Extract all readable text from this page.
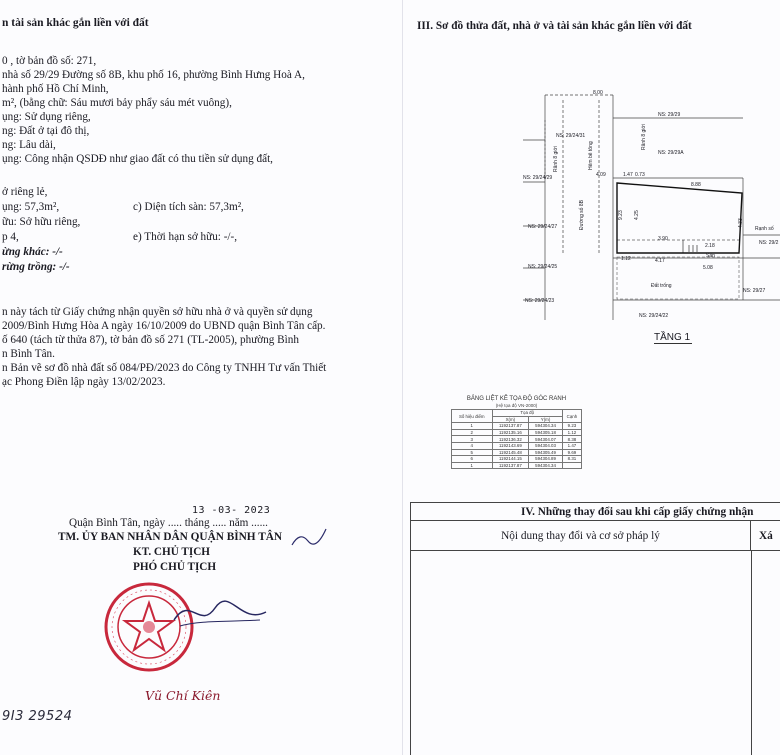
n tài sản khác gắn liền với đất
0 , tờ bản đồ số: 271,
nhà số 29/29 Đường số 8B, khu phố 16, phường Bình Hưng Hoà A,
hành phố Hồ Chí Minh,
m², (bằng chữ: Sáu mươi bảy phẩy sáu mét vuông),
ụng: Sử dụng riêng,
ng: Đất ở tại đô thị,
ng: Lâu dài,
ụng: Công nhận QSDĐ như giao đất có thu tiền sử dụng đất,
ở riêng lẻ,
ụng: 57,3m²,	c) Diện tích sàn: 57,3m²,
ữu: Sở hữu riêng,
p 4,	e) Thời hạn sở hữu: -/-,
ừng khác: -/-
rừng trồng: -/-
n này tách từ Giấy chứng nhận quyền sở hữu nhà ở và quyền sử dụng
2009/Bình Hưng Hòa A ngày 16/10/2009 do UBND quận Bình Tân cấp.
ố 640 (tách từ thửa 87), tờ bản đồ số 271 (TL-2005), phường Bình
n Bình Tân.
n Bản vẽ sơ đồ nhà đất số 084/PĐ/2023 do Công ty TNHH Tư vấn Thiết
ạc Phong Điền lập ngày 13/02/2023.
13 -03- 2023
Quận Bình Tân, ngày ..... tháng ..... năm ......
TM. ỦY BAN NHÂN DÂN QUẬN BÌNH TÂN
KT. CHỦ TỊCH
PHÓ CHỦ TỊCH
Vũ Chí Kiên
9I3 29524
III. Sơ đồ thửa đất, nhà ở và tài sản khác gắn liền với đất
NS: 29/29
NS: 29/29A
NS: 29/24/31
NS: 29/24/29
NS: 29/24/27
NS: 29/24/25
NS: 29/24/23
NS: 29/24/22
NS: 29/27
NS: 29/2
Rạnh số
Đường số 8B
Hẻm bê tông
Rãnh 8 giới
Rãnh 8 giới
Đất trống
Sân
8.00
4.09	1.47 0.73
8.88
9.23 4.25
3.90
2.18
1.12	4.17
5.08
4.33
TẦNG 1
BẢNG LIỆT KÊ TỌA ĐỘ GÓC RANH
(Hệ tọa độ VN-2000)
Số hiệu điểm	Tọa độ		Cạnh
	X(m)	Y(m)	
1	1192137.87	594304.34	9.23
2	1192135.16	594305.18	1.12
3	1192136.32	594304.07	8.38
4	1192143.69	594304.03	1.47
5	1192145.48	594305.49	9.69
6	1192144.15	594304.89	8.31
1	1192137.87	594304.34	
IV. Những thay đổi sau khi cấp giấy chứng nhận
Nội dung thay đổi và cơ sở pháp lý	Xá
